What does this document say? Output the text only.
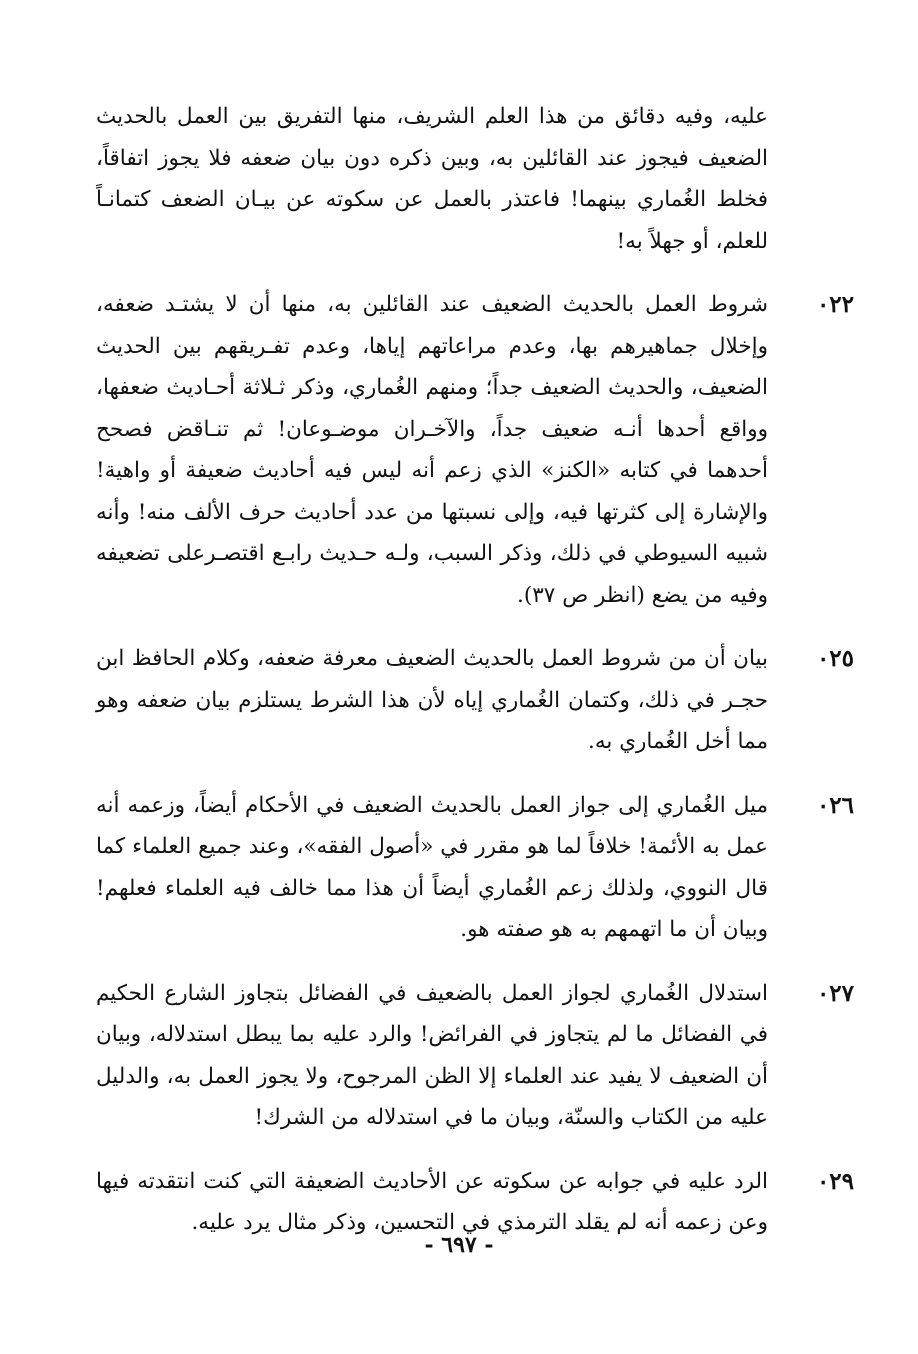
عليه، وفيه دقائق من هذا العلم الشريف، منها التفريق بين العمل بالحديث الضعيف فيجوز عند القائلين به، وبين ذكره دون بيان ضعفه فلا يجوز اتفاقاً، فخلط الغُماري بينهما! فاعتذر بالعمل عن سكوته عن بيـان الضعف كتمانـاً للعلم، أو جهلاً به!

٠٢٢

شروط العمل بالحديث الضعيف عند القائلين به، منها أن لا يشتـد ضعفه، وإخلال جماهيرهم بها، وعدم مراعاتهم إياها، وعدم تفـريقهم بين الحديث الضعيف، والحديث الضعيف جداً؛ ومنهم الغُماري، وذكر ثـلاثة أحـاديث ضعفها، وواقع أحدها أنـه ضعيف جداً، والآخـران موضـوعان! ثم تنـاقض فصحح أحدهما في كتابه «الكنز» الذي زعم أنه ليس فيه أحاديث ضعيفة أو واهية! والإشارة إلى كثرتها فيه، وإلى نسبتها من عدد أحاديث حرف الألف منه! وأنه شبيه السيوطي في ذلك، وذكر السبب، ولـه حـديث رابـع اقتصـرعلى تضعيفه وفيه من يضع (انظر ص ٣٧).

٠٢٥

بيان أن من شروط العمل بالحديث الضعيف معرفة ضعفه، وكلام الحافظ ابن حجـر في ذلك، وكتمان الغُماري إياه لأن هذا الشرط يستلزم بيان ضعفه وهو مما أخل الغُماري به.

٠٢٦

ميل الغُماري إلى جواز العمل بالحديث الضعيف في الأحكام أيضاً، وزعمه أنه عمل به الأئمة! خلافاً لما هو مقرر في «أصول الفقه»، وعند جميع العلماء كما قال النووي، ولذلك زعم الغُماري أيضاً أن هذا مما خالف فيه العلماء فعلهم! وبيان أن ما اتهمهم به هو صفته هو.

٠٢٧

استدلال الغُماري لجواز العمل بالضعيف في الفضائل بتجاوز الشارع الحكيم في الفضائل ما لم يتجاوز في الفرائض! والرد عليه بما يبطل استدلاله، وبيان أن الضعيف لا يفيد عند العلماء إلا الظن المرجوح، ولا يجوز العمل به، والدليل عليه من الكتاب والسنّة، وبيان ما في استدلاله من الشرك!

٠٢٩

الرد عليه في جوابه عن سكوته عن الأحاديث الضعيفة التي كنت انتقدته فيها وعن زعمه أنه لم يقلد الترمذي في التحسين، وذكر مثال يرد عليه.

- ٦٩٧ -
